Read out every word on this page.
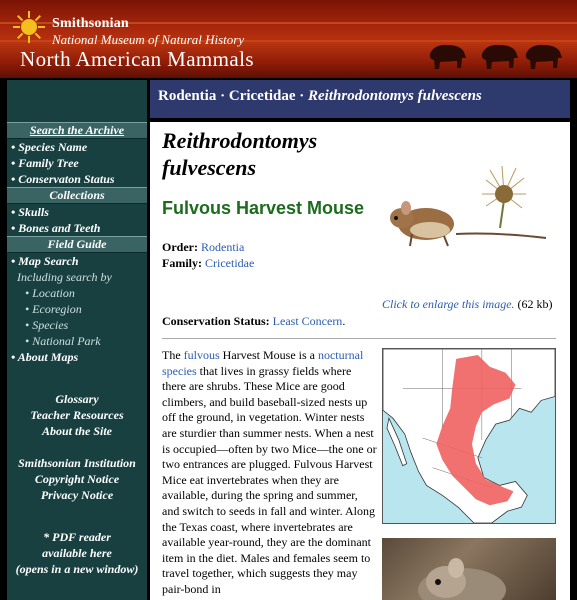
Smithsonian
National Museum of Natural History
North American Mammals
Search the Archive
• Species Name
• Family Tree
• Conservaton Status
Collections
• Skulls
• Bones and Teeth
Field Guide
• Map Search
Including search by
• Location
• Ecoregion
• Species
• National Park
• About Maps
Glossary
Teacher Resources
About the Site
Smithsonian Institution
Copyright Notice
Privacy Notice
* PDF reader
available here
(opens in a new window)
Rodentia · Cricetidae · Reithrodontomys fulvescens
Reithrodontomys
fulvescens
Fulvous Harvest Mouse
Order: Rodentia
Family: Cricetidae
Conservation Status: Least Concern.
Click to enlarge this image. (62 kb)
The fulvous Harvest Mouse is a nocturnal species that lives in grassy fields where there are shrubs. These Mice are good climbers, and build baseball-sized nests up off the ground, in vegetation. Winter nests are sturdier than summer nests. When a nest is occupied—often by two Mice—the one or two entrances are plugged. Fulvous Harvest Mice eat invertebrates when they are available, during the spring and summer, and switch to seeds in fall and winter. Along the Texas coast, where invertebrates are available year-round, they are the dominant item in the diet. Males and females seem to travel together, which suggests they may pair-bond in
